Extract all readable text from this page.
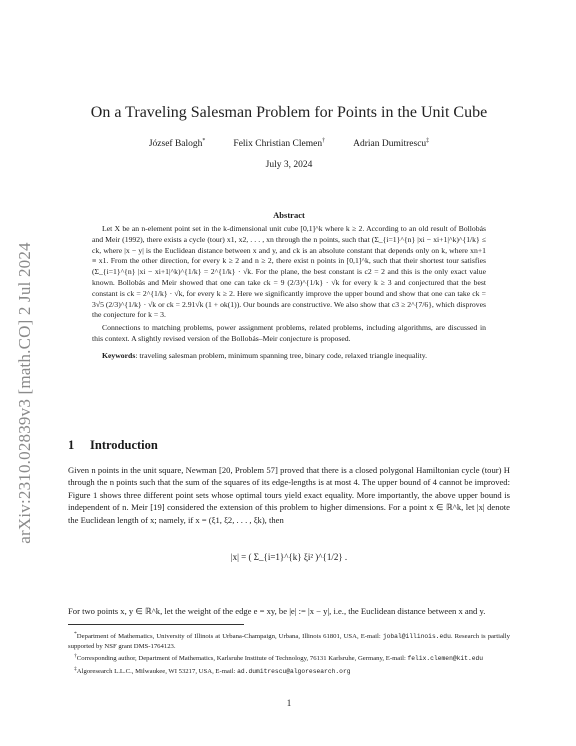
arXiv:2310.02839v3 [math.CO] 2 Jul 2024
On a Traveling Salesman Problem for Points in the Unit Cube
József Balogh*	Felix Christian Clemen†	Adrian Dumitrescu‡
July 3, 2024
Abstract

Let X be an n-element point set in the k-dimensional unit cube [0,1]^k where k ≥ 2. According to an old result of Bollobás and Meir (1992), there exists a cycle (tour) x1, x2, . . . , xn through the n points, such that (Σ_{i=1}^{n} |xi − xi+1|^k)^{1/k} ≤ ck, where |x − y| is the Euclidean distance between x and y, and ck is an absolute constant that depends only on k, where xn+1 ≡ x1. From the other direction, for every k ≥ 2 and n ≥ 2, there exist n points in [0,1]^k, such that their shortest tour satisfies (Σ_{i=1}^{n} |xi − xi+1|^k)^{1/k} = 2^{1/k} · √k. For the plane, the best constant is c2 = 2 and this is the only exact value known. Bollobás and Meir showed that one can take ck = 9 (2/3)^{1/k} · √k for every k ≥ 3 and conjectured that the best constant is ck = 2^{1/k} · √k, for every k ≥ 2. Here we significantly improve the upper bound and show that one can take ck = 3√5 (2/3)^{1/k} · √k or ck = 2.91√k (1 + ok(1)). Our bounds are constructive. We also show that c3 ≥ 2^{7/6}, which disproves the conjecture for k = 3.

Connections to matching problems, power assignment problems, related problems, including algorithms, are discussed in this context. A slightly revised version of the Bollobás–Meir conjecture is proposed.

Keywords: traveling salesman problem, minimum spanning tree, binary code, relaxed triangle inequality.

1 Introduction

Given n points in the unit square, Newman [20, Problem 57] proved that there is a closed polygonal Hamiltonian cycle (tour) H through the n points such that the sum of the squares of its edge-lengths is at most 4. The upper bound of 4 cannot be improved: Figure 1 shows three different point sets whose optimal tours yield exact equality. More importantly, the above upper bound is independent of n. Meir [19] considered the extension of this problem to higher dimensions. For a point x ∈ ℝ^k, let |x| denote the Euclidean length of x; namely, if x = (ξ1, ξ2, . . . , ξk), then

|x| = ( Σ_{i=1}^{k} ξi² )^{1/2} .

For two points x, y ∈ ℝ^k, let the weight of the edge e = xy, be |e| := |x − y|, i.e., the Euclidean distance between x and y.

*Department of Mathematics, University of Illinois at Urbana-Champaign, Urbana, Illinois 61801, USA, E-mail: jobal@illinois.edu. Research is partially supported by NSF grant DMS-1764123.

†Corresponding author, Department of Mathematics, Karlsruhe Institute of Technology, 76131 Karlsruhe, Germany, E-mail: felix.clemen@kit.edu

‡Algoresearch L.L.C., Milwaukee, WI 53217, USA, E-mail: ad.dumitrescu@algoresearch.org

1
